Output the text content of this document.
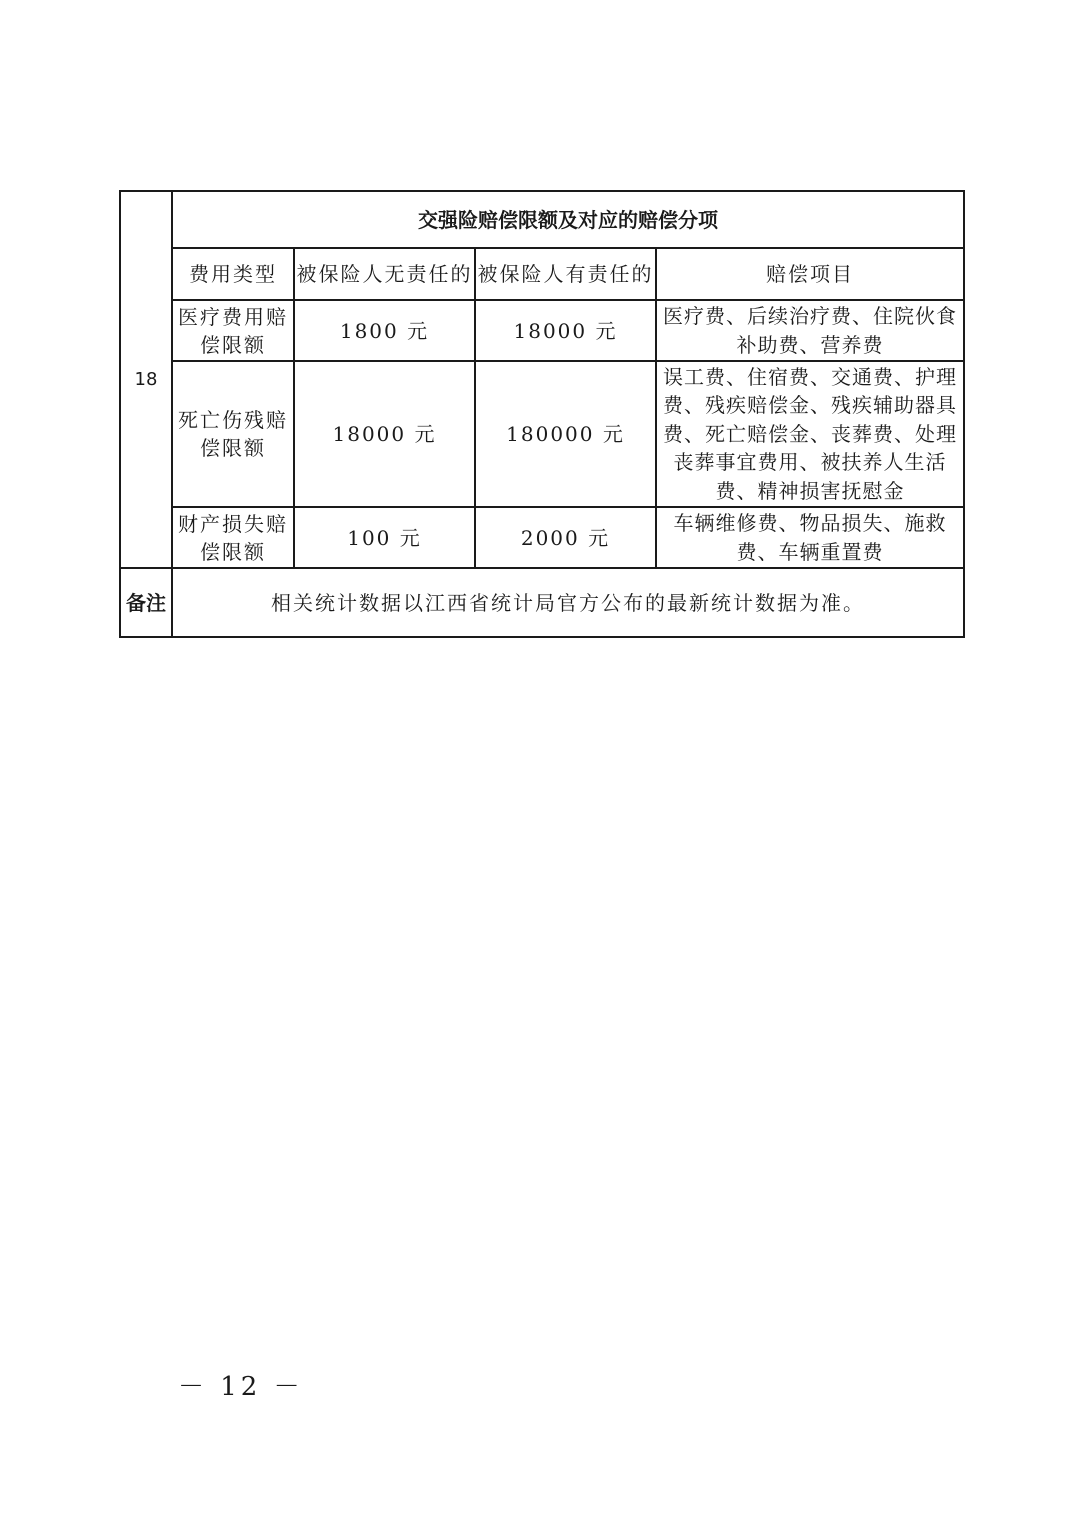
18	交强险赔偿限额及对应的赔偿分项			
	费用类型	被保险人无责任的	被保险人有责任的	赔偿项目
	医疗费用赔偿限额	1800 元	18000 元	医疗费、后续治疗费、住院伙食补助费、营养费
	死亡伤残赔偿限额	18000 元	180000 元	误工费、住宿费、交通费、护理费、残疾赔偿金、残疾辅助器具费、死亡赔偿金、丧葬费、处理丧葬事宜费用、被扶养人生活费、精神损害抚慰金
	财产损失赔偿限额	100 元	2000 元	车辆维修费、物品损失、施救费、车辆重置费
备注	相关统计数据以江西省统计局官方公布的最新统计数据为准。			
－ 12 －
